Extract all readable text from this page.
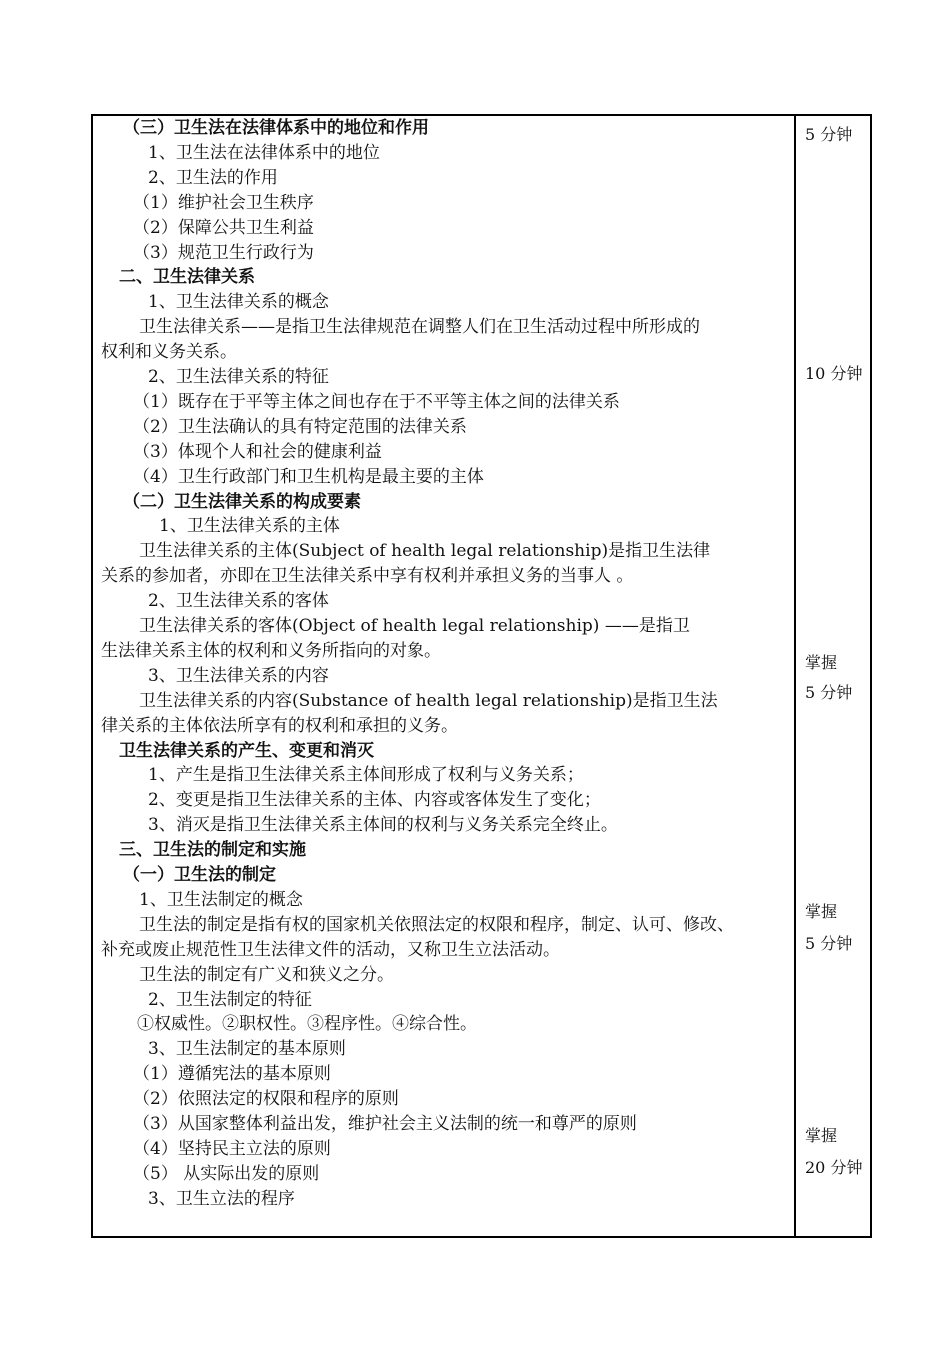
（三）卫生法在法律体系中的地位和作用
1、卫生法在法律体系中的地位
2、卫生法的作用
（1）维护社会卫生秩序
（2）保障公共卫生利益
（3）规范卫生行政行为
二、卫生法律关系
1、卫生法律关系的概念
卫生法律关系——是指卫生法律规范在调整人们在卫生活动过程中所形成的
权利和义务关系。
2、卫生法律关系的特征
（1）既存在于平等主体之间也存在于不平等主体之间的法律关系
（2）卫生法确认的具有特定范围的法律关系
（3）体现个人和社会的健康利益
（4）卫生行政部门和卫生机构是最主要的主体
（二）卫生法律关系的构成要素
1、卫生法律关系的主体
卫生法律关系的主体(Subject of health legal relationship)是指卫生法律
关系的参加者，亦即在卫生法律关系中享有权利并承担义务的当事人 。
2、卫生法律关系的客体
卫生法律关系的客体(Object of health legal relationship) ——是指卫
生法律关系主体的权利和义务所指向的对象。
3、卫生法律关系的内容
卫生法律关系的内容(Substance of health legal relationship)是指卫生法
律关系的主体依法所享有的权利和承担的义务。
卫生法律关系的产生、变更和消灭
1、产生是指卫生法律关系主体间形成了权利与义务关系；
2、变更是指卫生法律关系的主体、内容或客体发生了变化；
3、消灭是指卫生法律关系主体间的权利与义务关系完全终止。
三、卫生法的制定和实施
（一）卫生法的制定
1、卫生法制定的概念
卫生法的制定是指有权的国家机关依照法定的权限和程序，制定、认可、修改、
补充或废止规范性卫生法律文件的活动，又称卫生立法活动。
卫生法的制定有广义和狭义之分。
2、卫生法制定的特征
①权威性。②职权性。③程序性。④综合性。
3、卫生法制定的基本原则
（1）遵循宪法的基本原则
（2）依照法定的权限和程序的原则
（3）从国家整体利益出发，维护社会主义法制的统一和尊严的原则
（4）坚持民主立法的原则
（5） 从实际出发的原则
3、卫生立法的程序
5 分钟
10 分钟
掌握
5 分钟
掌握
5 分钟
掌握
20 分钟
